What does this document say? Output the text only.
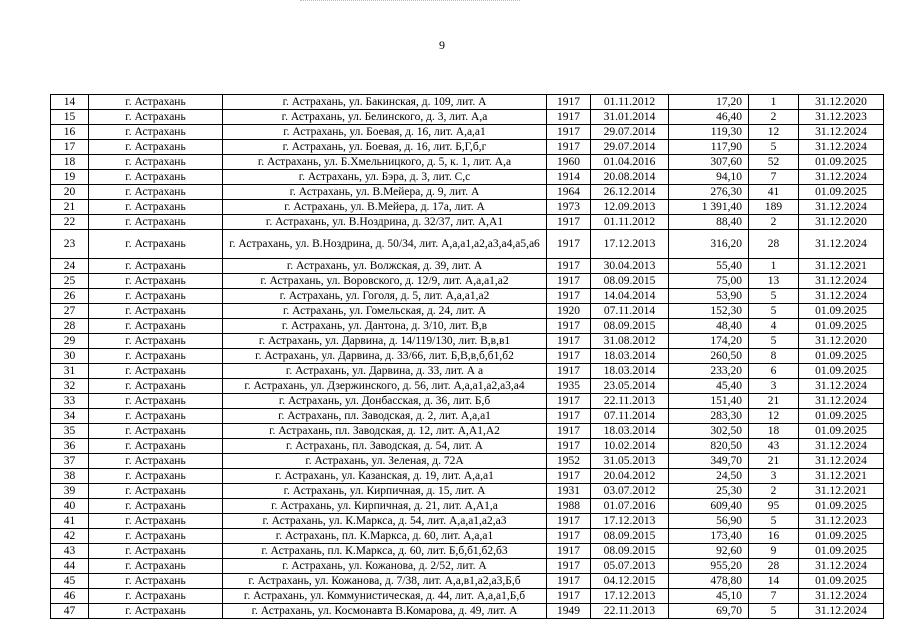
9
14	г. Астрахань	г. Астрахань, ул. Бакинская, д. 109, лит. А	1917	01.11.2012	17,20	1	31.12.2020
15	г. Астрахань	г. Астрахань, ул. Белинского, д. 3, лит. А,а	1917	31.01.2014	46,40	2	31.12.2023
16	г. Астрахань	г. Астрахань, ул. Боевая, д. 16, лит. А,а,а1	1917	29.07.2014	119,30	12	31.12.2024
17	г. Астрахань	г. Астрахань, ул. Боевая, д. 16, лит. Б,Г,б,г	1917	29.07.2014	117,90	5	31.12.2024
18	г. Астрахань	г. Астрахань, ул. Б.Хмельницкого, д. 5, к. 1, лит. А,а	1960	01.04.2016	307,60	52	01.09.2025
19	г. Астрахань	г. Астрахань, ул. Бэра, д. 3, лит. С,с	1914	20.08.2014	94,10	7	31.12.2024
20	г. Астрахань	г. Астрахань, ул. В.Мейера, д. 9, лит. А	1964	26.12.2014	276,30	41	01.09.2025
21	г. Астрахань	г. Астрахань, ул. В.Мейера, д. 17а, лит. А	1973	12.09.2013	1 391,40	189	31.12.2024
22	г. Астрахань	г. Астрахань, ул. В.Ноздрина, д. 32/37, лит. А,А1	1917	01.11.2012	88,40	2	31.12.2020
23	г. Астрахань	г. Астрахань, ул. В.Ноздрина, д. 50/34, лит. А,а,а1,а2,а3,а4,а5,а6	1917	17.12.2013	316,20	28	31.12.2024
24	г. Астрахань	г. Астрахань, ул. Волжская, д. 39, лит. А	1917	30.04.2013	55,40	1	31.12.2021
25	г. Астрахань	г. Астрахань, ул. Воровского, д. 12/9, лит. А,а,а1,а2	1917	08.09.2015	75,00	13	31.12.2024
26	г. Астрахань	г. Астрахань, ул. Гоголя, д. 5, лит. А,а,а1,а2	1917	14.04.2014	53,90	5	31.12.2024
27	г. Астрахань	г. Астрахань, ул. Гомельская, д. 24, лит. А	1920	07.11.2014	152,30	5	01.09.2025
28	г. Астрахань	г. Астрахань, ул. Дантона, д. 3/10, лит. В,в	1917	08.09.2015	48,40	4	01.09.2025
29	г. Астрахань	г. Астрахань, ул. Дарвина, д. 14/119/130, лит. В,в,в1	1917	31.08.2012	174,20	5	31.12.2020
30	г. Астрахань	г. Астрахань, ул. Дарвина, д. 33/66, лит. Б,В,в,б,б1,б2	1917	18.03.2014	260,50	8	01.09.2025
31	г. Астрахань	г. Астрахань, ул. Дарвина, д. 33, лит. А а	1917	18.03.2014	233,20	6	01.09.2025
32	г. Астрахань	г. Астрахань, ул. Дзержинского, д. 56, лит. А,а,а1,а2,а3,а4	1935	23.05.2014	45,40	3	31.12.2024
33	г. Астрахань	г. Астрахань, ул. Донбасская, д. 36, лит. Б,б	1917	22.11.2013	151,40	21	31.12.2024
34	г. Астрахань	г. Астрахань, пл. Заводская, д. 2, лит. А,а,а1	1917	07.11.2014	283,30	12	01.09.2025
35	г. Астрахань	г. Астрахань, пл. Заводская, д. 12, лит. А,А1,А2	1917	18.03.2014	302,50	18	01.09.2025
36	г. Астрахань	г. Астрахань, пл. Заводская, д. 54, лит. А	1917	10.02.2014	820,50	43	31.12.2024
37	г. Астрахань	г. Астрахань, ул. Зеленая, д. 72А	1952	31.05.2013	349,70	21	31.12.2024
38	г. Астрахань	г. Астрахань, ул. Казанская, д. 19, лит. А,а,а1	1917	20.04.2012	24,50	3	31.12.2021
39	г. Астрахань	г. Астрахань, ул. Кирпичная, д. 15, лит. А	1931	03.07.2012	25,30	2	31.12.2021
40	г. Астрахань	г. Астрахань, ул. Кирпичная, д. 21, лит. А,А1,а	1988	01.07.2016	609,40	95	01.09.2025
41	г. Астрахань	г. Астрахань, ул. К.Маркса, д. 54, лит. А,а,а1,а2,а3	1917	17.12.2013	56,90	5	31.12.2023
42	г. Астрахань	г. Астрахань, пл. К.Маркса, д. 60, лит. А,а,а1	1917	08.09.2015	173,40	16	01.09.2025
43	г. Астрахань	г. Астрахань, пл. К.Маркса, д. 60, лит. Б,б,б1,б2,б3	1917	08.09.2015	92,60	9	01.09.2025
44	г. Астрахань	г. Астрахань, ул. Кожанова, д. 2/52, лит. А	1917	05.07.2013	955,20	28	31.12.2024
45	г. Астрахань	г. Астрахань, ул. Кожанова, д. 7/38, лит. А,а,в1,а2,а3,Б,б	1917	04.12.2015	478,80	14	01.09.2025
46	г. Астрахань	г. Астрахань, ул. Коммунистическая, д. 44, лит. А,а,а1,Б,б	1917	17.12.2013	45,10	7	31.12.2024
47	г. Астрахань	г. Астрахань, ул. Космонавта В.Комарова, д. 49, лит. А	1949	22.11.2013	69,70	5	31.12.2024
